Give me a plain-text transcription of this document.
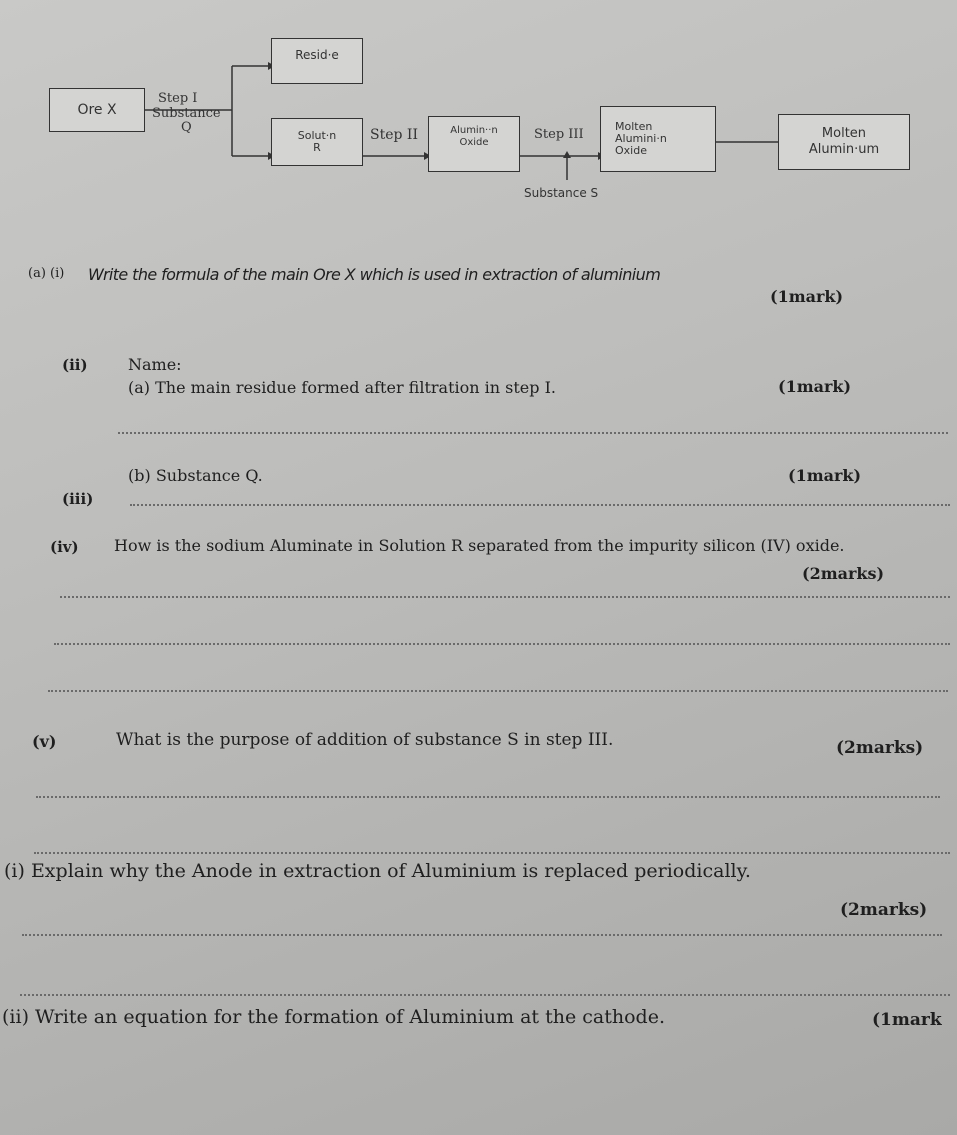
Ore X
Step I
Substance
Q
Resid·e
Solut·n
R
Step II	Alumin··n
Oxide
Step III
Molten
Alumini·n
Oxide
Molten
Alumin·um
Substance S
(a) (i) Write the formula of the main Ore X which is used in extraction of aluminium
(1mark)
(ii)	Name:
(a) The main residue formed after filtration in step I.	(1mark)
(b) Substance Q.	(1mark)
(iii)
(iv) How is the sodium Aluminate in Solution R separated from the impurity silicon (IV) oxide.
(2marks)
(v)	What is the purpose of addition of substance S in step III.	(2marks)
(i) Explain why the Anode in extraction of Aluminium is replaced periodically.
(2marks)
(ii) Write an equation for the formation of Aluminium at the cathode.	(1mark
